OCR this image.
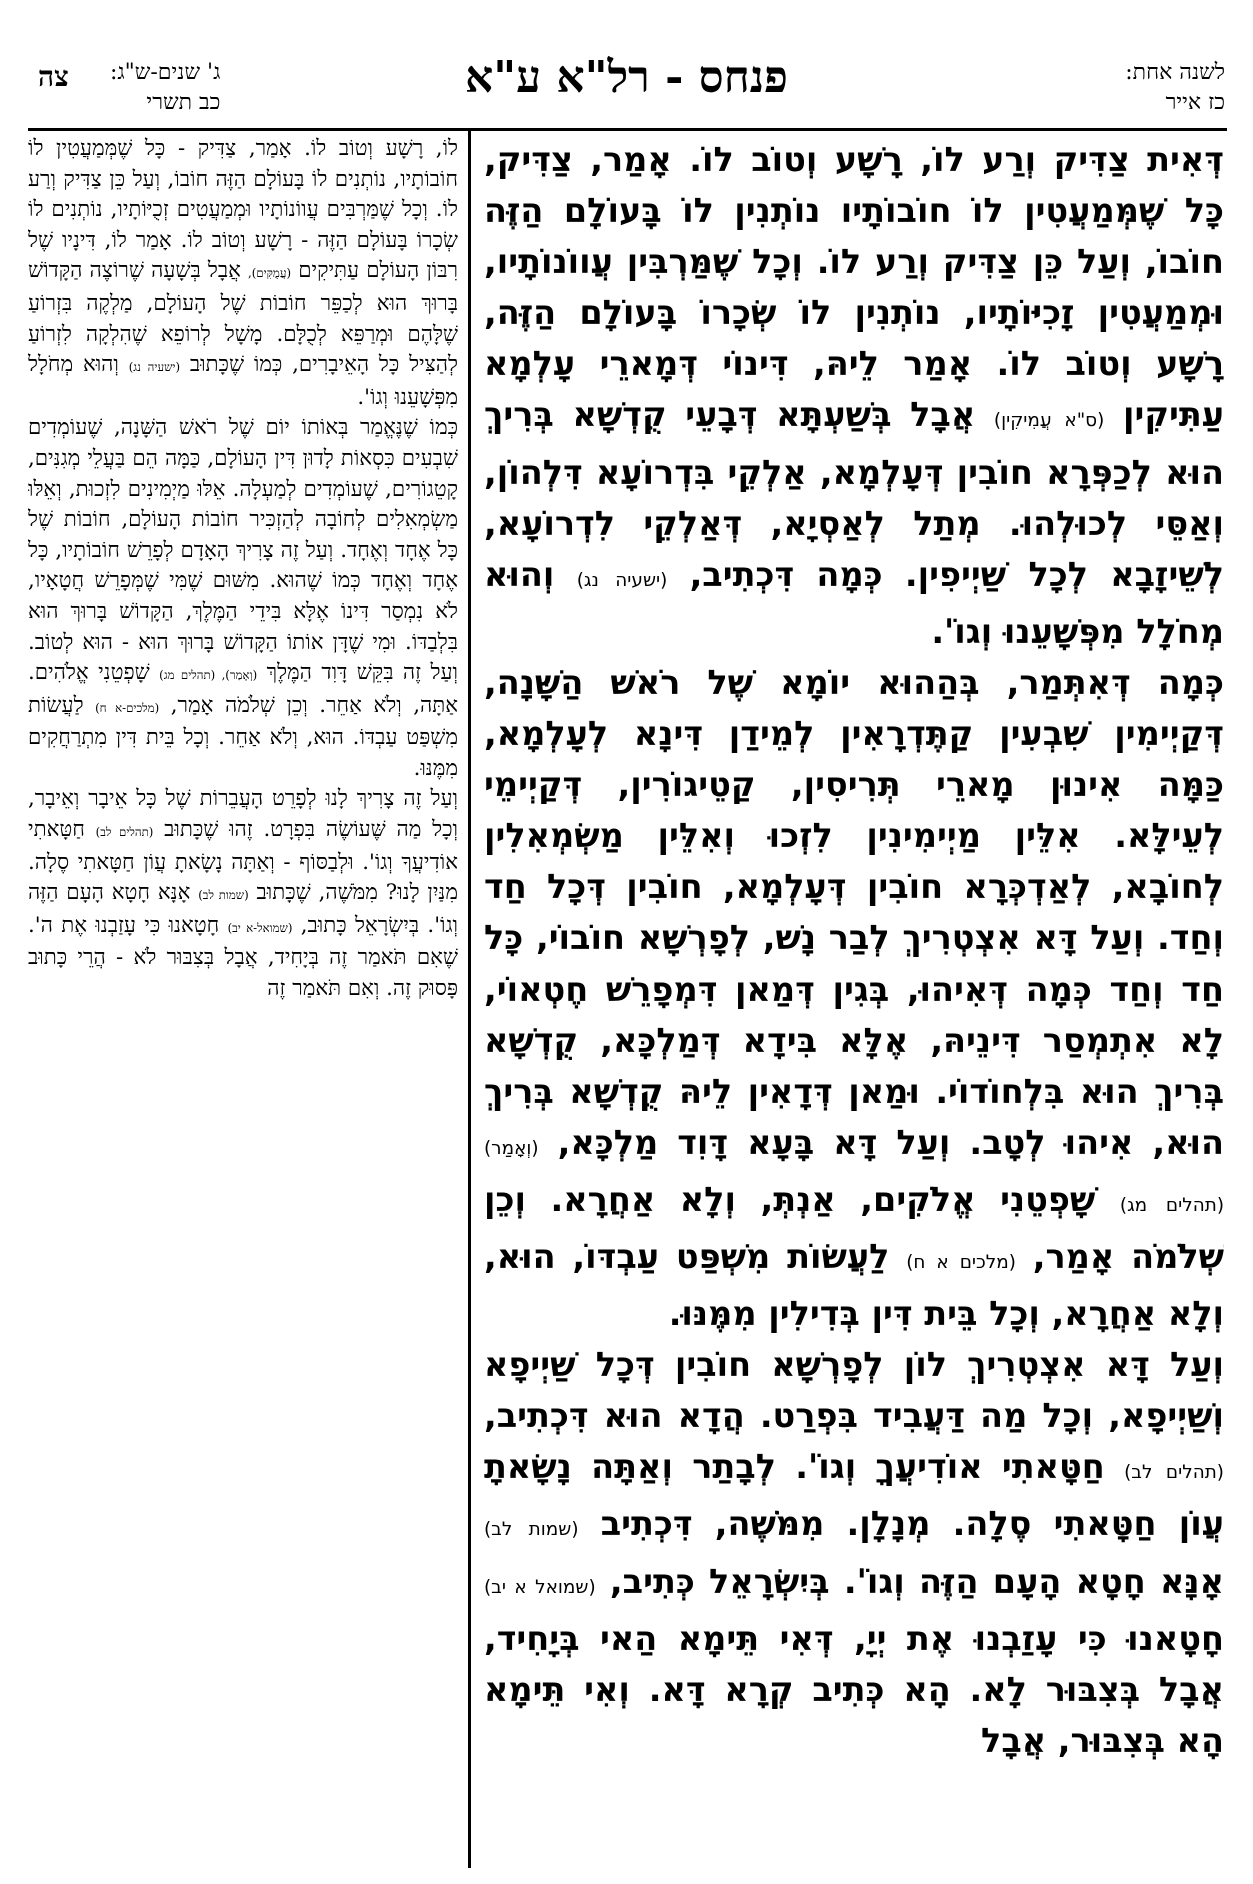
לשנה אחת:
כז אייר
פנחס - רל"א ע"א
ג' שנים-ש"ג:
כב תשרי
צה

דְּאִית צַדִּיק וְרַע לוֹ, רָשָׁע וְטוֹב לוֹ. אָמַר, צַדִּיק, כָּל שֶׁמְּמַעֲטִין לוֹ חוֹבוֹתָיו נוֹתְנִין לוֹ בָּעוֹלָם הַזֶּה חוֹבוֹ, וְעַל כֵּן צַדִּיק וְרַע לוֹ. וְכָל שֶׁמַּרְבִּין עֲווֹנוֹתָיו, וּמְמַעֲטִין זָכִיּוֹתָיו, נוֹתְנִין לוֹ שְׂכָרוֹ בָּעוֹלָם הַזֶּה, רָשָׁע וְטוֹב לוֹ. אָמַר לֵיהּ, דִּינוֹי דְּמָארֵי עָלְמָא עַתִּיקִין (ס"א עֲמִיקִין) אֲבָל בְּשַׁעְתָּא דְּבָעֵי קֻדְשָׁא בְּרִיךְ הוּא לְכַפְּרָא חוֹבִין דְּעָלְמָא, אַלְקֵי בִּדְרוֹעָא דִּלְהוֹן, וְאַסֵּי לְכוּלְהוּ. מְתַל לְאַסְיָא, דְּאַלְקֵי לִדְרוֹעָא, לְשֵׁיזָבָא לְכָל שַׁיְיפִין. כְּמָה דִּכְתִיב, (ישעיה נג) וְהוּא מְחֹלָל מִפְּשָׁעֵנוּ וְגוֹ'.

כְּמָה דְּאִתְּמַר, בְּהַהוּא יוֹמָא שֶׁל רֹאשׁ הַשָּׁנָה, דְּקַיְימִין שִׁבְעִין קַתֶּדְרָאִין לְמֵידַן דִּינָא לְעָלְמָא, כַּמָּה אִינוּן מָארֵי תְּרִיסִין, קַטֵיגוֹרִין, דְּקַיְימֵי לְעֵילָּא. אִלֵּין מַיְימִינִין לִזְכוּ וְאִלֵּין מַשְׂמְאִלִין לְחוֹבָא, לְאַדְכְּרָא חוֹבִין דְּעָלְמָא, חוֹבִין דְּכָל חַד וְחַד. וְעַל דָּא אִצְטְרִיךְ לְבַר נָשׁ, לְפָרְשָׁא חוֹבוֹי, כָּל חַד וְחַד כְּמָה דְּאִיהוּ, בְּגִין דְּמַאן דִּמְפָרֵשׁ חֶטְאוֹי, לָא אִתְמְסַר דִּינֵיהּ, אֶלָּא בִּידָא דְּמַלְכָּא, קֻדְשָׁא בְּרִיךְ הוּא בִּלְחוֹדוֹי. וּמַאן דְּדָאִין לֵיהּ קֻדְשָׁא בְּרִיךְ הוּא, אִיהוּ לְטָב. וְעַל דָּא בָּעָא דָּוִד מַלְכָּא, (וְאָמַר) (תהלים מג) שָׁפְטֵנִי אֱלֹקִים, אַנְתְּ, וְלָא אַחֲרָא. וְכֵן שְׁלֹמֹה אָמַר, (מלכים א ח) לַעֲשׂוֹת מִשְׁפַּט עַבְדּוֹ, הוּא, וְלָא אַחֲרָא, וְכָל בֵּית דִּין בְּדִילִין מִמֶּנּוּ.

וְעַל דָּא אִצְטְרִיךְ לוֹן לְפָרְשָׁא חוֹבִין דְּכָל שַׁיְיפָא וְשַׁיְיפָא, וְכָל מַה דַּעֲבִיד בִּפְרַט. הֲדָא הוּא דִּכְתִיב, (תהלים לב) חַטָּאתִי אוֹדִיעֲךָ וְגוֹ'. לְבָתַר וְאַתָּה נָשָׂאתָ עֲוֹן חַטָּאתִי סֶלָה. מְנָלָן. מִמֹּשֶׁה, דִּכְתִיב (שמות לב) אָנָּא חָטָא הָעָם הַזֶּה וְגוֹ'. בְּיִשְׂרָאֵל כְּתִיב, (שמואל א יב) חָטָאנוּ כִּי עָזַבְנוּ אֶת יְיָ, דְּאִי תֵּימָא הַאי בְּיָחִיד, אֲבָל בְּצִבּוּר לָא. הָא כְּתִיב קְרָא דָּא. וְאִי תֵּימָא הָא בְּצִבּוּר, אֲבָל

לוֹ, רָשָׁע וְטוֹב לוֹ. אָמַר, צַדִּיק - כָּל שֶׁמְּמַעֲטִין לוֹ חוֹבוֹתָיו, נוֹתְנִים לוֹ בָּעוֹלָם הַזֶּה חוֹבוֹ, וְעַל כֵּן צַדִּיק וְרַע לוֹ. וְכָל שֶׁמַּרְבִּים עֲווֹנוֹתָיו וּמְמַעֲטִים זְכֻיּוֹתָיו, נוֹתְנִים לוֹ שְׂכָרוֹ בָּעוֹלָם הַזֶּה - רָשָׁע וְטוֹב לוֹ. אָמַר לוֹ, דִּינָיו שֶׁל רִבּוֹן הָעוֹלָם עַתִּיקִים (עֲמֻקִּים), אֲבָל בְּשָׁעָה שֶׁרוֹצֶה הַקָּדוֹשׁ בָּרוּךְ הוּא לְכַפֵּר חוֹבוֹת שֶׁל הָעוֹלָם, מַלְקֶה בִּזְרוֹעַ שֶׁלָּהֶם וּמְרַפֵּא לְכֻלָּם. מָשָׁל לְרוֹפֵא שֶׁהִלְקָה לִזְרוֹעַ לְהַצִּיל כָּל הָאֵיבָרִים, כְּמוֹ שֶׁכָּתוּב (ישעיה נג) וְהוּא מְחֹלָל מִפְּשָׁעֵנוּ וְגוֹ'.

כְּמוֹ שֶׁנֶּאֱמַר בְּאוֹתוֹ יוֹם שֶׁל רֹאשׁ הַשָּׁנָה, שֶׁעוֹמְדִים שִׁבְעִים כִּסְאוֹת לָדוּן דִּין הָעוֹלָם, כַּמָּה הֵם בַּעֲלֵי מְגִנִּים, קָטֵגוֹרִים, שֶׁעוֹמְדִים לְמַעְלָה. אֵלּוּ מַיְמִינִים לִזְכוּת, וְאֵלּוּ מַשְׂמְאִלִים לְחוֹבָה לְהַזְכִּיר חוֹבוֹת הָעוֹלָם, חוֹבוֹת שֶׁל כָּל אֶחָד וְאֶחָד. וְעַל זֶה צָרִיךְ הָאָדָם לְפָרֵשׁ חוֹבוֹתָיו, כָּל אֶחָד וְאֶחָד כְּמוֹ שֶׁהוּא. מִשּׁוּם שֶׁמִּי שֶׁמְּפָרֵשׁ חֲטָאָיו, לֹא נִמְסַר דִּינוֹ אֶלָּא בִּידֵי הַמֶּלֶךְ, הַקָּדוֹשׁ בָּרוּךְ הוּא בִּלְבַדּוֹ. וּמִי שֶׁדָּן אוֹתוֹ הַקָּדוֹשׁ בָּרוּךְ הוּא - הוּא לְטוֹב. וְעַל זֶה בִּקֵּשׁ דָּוִד הַמֶּלֶךְ (וְאָמַר), (תהלים מג) שָׁפְטֵנִי אֱלֹהִים. אַתָּה, וְלֹא אַחֵר. וְכֵן שְׁלֹמֹה אָמַר, (מלכים-א ח) לַעֲשׂוֹת מִשְׁפַּט עַבְדּוֹ. הוּא, וְלֹא אַחֵר. וְכָל בֵּית דִּין מִתְרַחֲקִים מִמֶּנּוּ.

וְעַל זֶה צָרִיךְ לָנוּ לְפָרֵט הָעֲבֵרוֹת שֶׁל כָּל אֵיבָר וְאֵיבָר, וְכָל מַה שֶּׁעוֹשֶׂה בִּפְרָט. זֶהוּ שֶׁכָּתוּב (תהלים לב) חַטָּאתִי אוֹדִיעֲךָ וְגוֹ'. וּלְבַסּוֹף - וְאַתָּה נָשָׂאתָ עֲוֹן חַטָּאתִי סֶלָה. מִנַּיִן לָנוּ? מִמֹּשֶׁה, שֶׁכָּתוּב (שמות לב) אָנָּא חָטָא הָעָם הַזֶּה וְגוֹ'. בְּיִשְׂרָאֵל כָּתוּב, (שמואל-א יב) חָטָאנוּ כִּי עָזַבְנוּ אֶת ה'. שֶׁאִם תֹּאמַר זֶה בְּיָחִיד, אֲבָל בְּצִבּוּר לֹא - הֲרֵי כָּתוּב פָּסוּק זֶה. וְאִם תֹּאמַר זֶה
